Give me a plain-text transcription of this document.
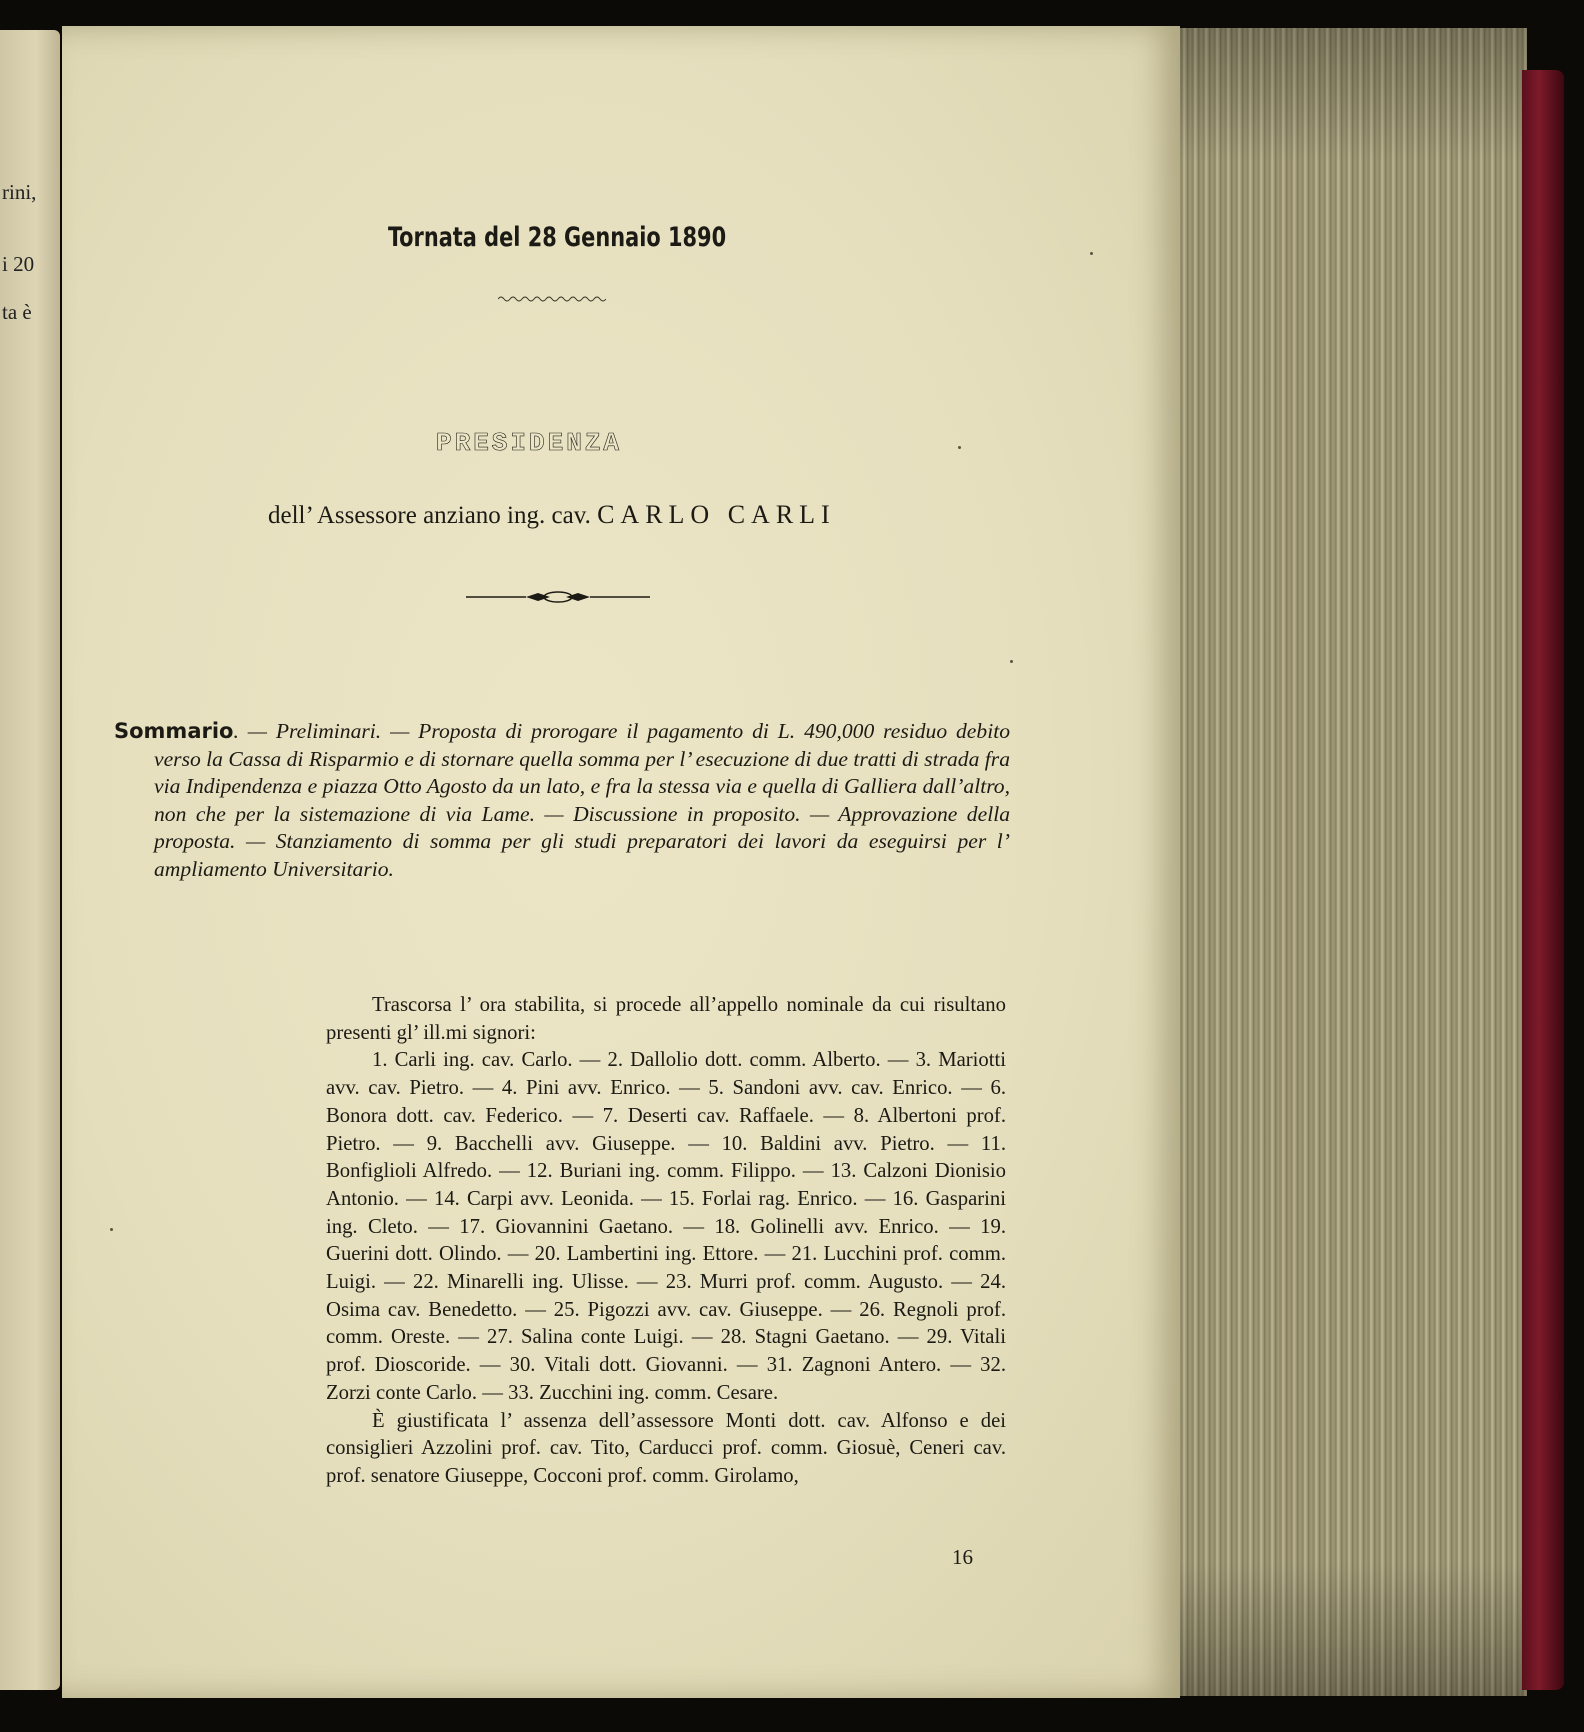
rini,
i 20
ta è
Tornata del 28 Gennaio 1890
PRESIDENZA
dell’ Assessore anziano ing. cav. CARLO CARLI
Sommario. — Preliminari. — Proposta di prorogare il pagamento di L. 490,000 residuo debito verso la Cassa di Risparmio e di stornare quella somma per l’ esecuzione di due tratti di strada fra via Indipendenza e piazza Otto Agosto da un lato, e fra la stessa via e quella di Galliera dall’altro, non che per la sistemazione di via Lame. — Discussione in proposito. — Approvazione della proposta. — Stanziamento di somma per gli studi preparatori dei lavori da eseguirsi per l’ ampliamento Universitario.

Trascorsa l’ ora stabilita, si procede all’appello nominale da cui risultano presenti gl’ ill.mi signori:

1. Carli ing. cav. Carlo. — 2. Dallolio dott. comm. Alberto. — 3. Mariotti avv. cav. Pietro. — 4. Pini avv. Enrico. — 5. Sandoni avv. cav. Enrico. — 6. Bonora dott. cav. Federico. — 7. Deserti cav. Raffaele. — 8. Albertoni prof. Pietro. — 9. Bacchelli avv. Giuseppe. — 10. Baldini avv. Pietro. — 11. Bonfiglioli Alfredo. — 12. Buriani ing. comm. Filippo. — 13. Calzoni Dionisio Antonio. — 14. Carpi avv. Leonida. — 15. Forlai rag. Enrico. — 16. Gasparini ing. Cleto. — 17. Giovannini Gaetano. — 18. Golinelli avv. Enrico. — 19. Guerini dott. Olindo. — 20. Lambertini ing. Ettore. — 21. Lucchini prof. comm. Luigi. — 22. Minarelli ing. Ulisse. — 23. Murri prof. comm. Augusto. — 24. Osima cav. Benedetto. — 25. Pigozzi avv. cav. Giuseppe. — 26. Regnoli prof. comm. Oreste. — 27. Salina conte Luigi. — 28. Stagni Gaetano. — 29. Vitali prof. Dioscoride. — 30. Vitali dott. Giovanni. — 31. Zagnoni Antero. — 32. Zorzi conte Carlo. — 33. Zucchini ing. comm. Cesare.

È giustificata l’ assenza dell’assessore Monti dott. cav. Alfonso e dei consiglieri Azzolini prof. cav. Tito, Carducci prof. comm. Giosuè, Ceneri cav. prof. senatore Giuseppe, Cocconi prof. comm. Girolamo,

16
